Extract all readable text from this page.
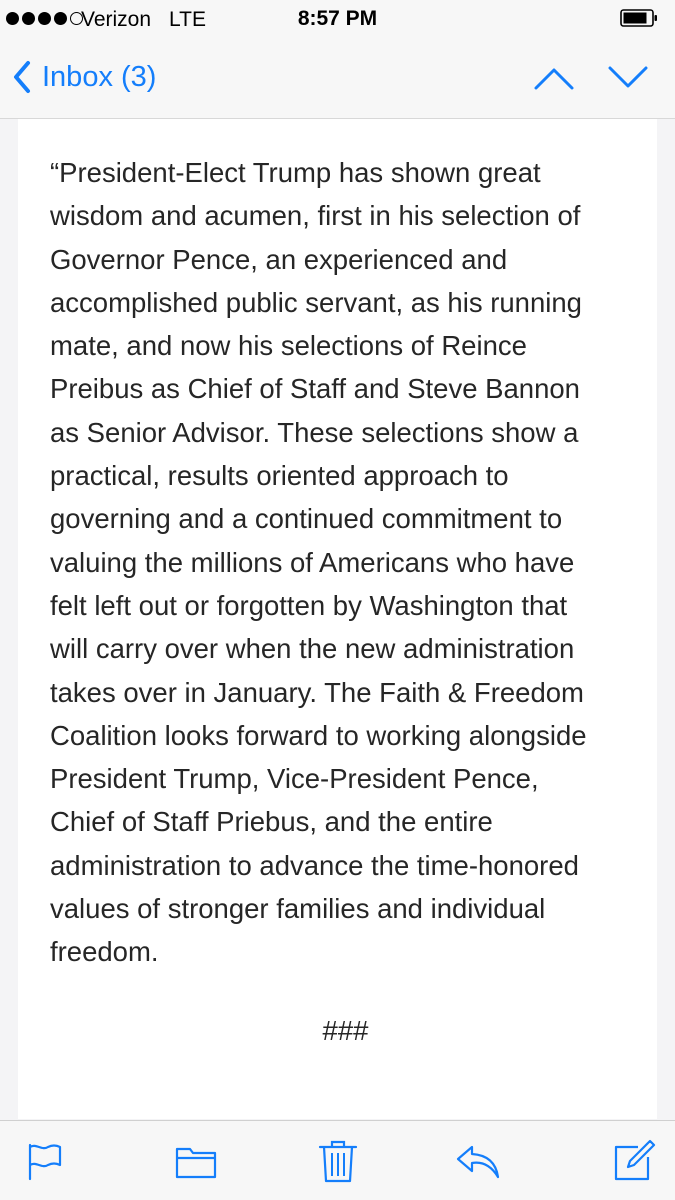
Verizon LTE	8:57 PM
Inbox (3)

“President-Elect Trump has shown great
wisdom and acumen, first in his selection of
Governor Pence, an experienced and
accomplished public servant, as his running
mate, and now his selections of Reince
Preibus as Chief of Staff and Steve Bannon
as Senior Advisor. These selections show a
practical, results oriented approach to
governing and a continued commitment to
valuing the millions of Americans who have
felt left out or forgotten by Washington that
will carry over when the new administration
takes over in January. The Faith & Freedom
Coalition looks forward to working alongside
President Trump, Vice-President Pence,
Chief of Staff Priebus, and the entire
administration to advance the time-honored
values of stronger families and individual
freedom.

###
